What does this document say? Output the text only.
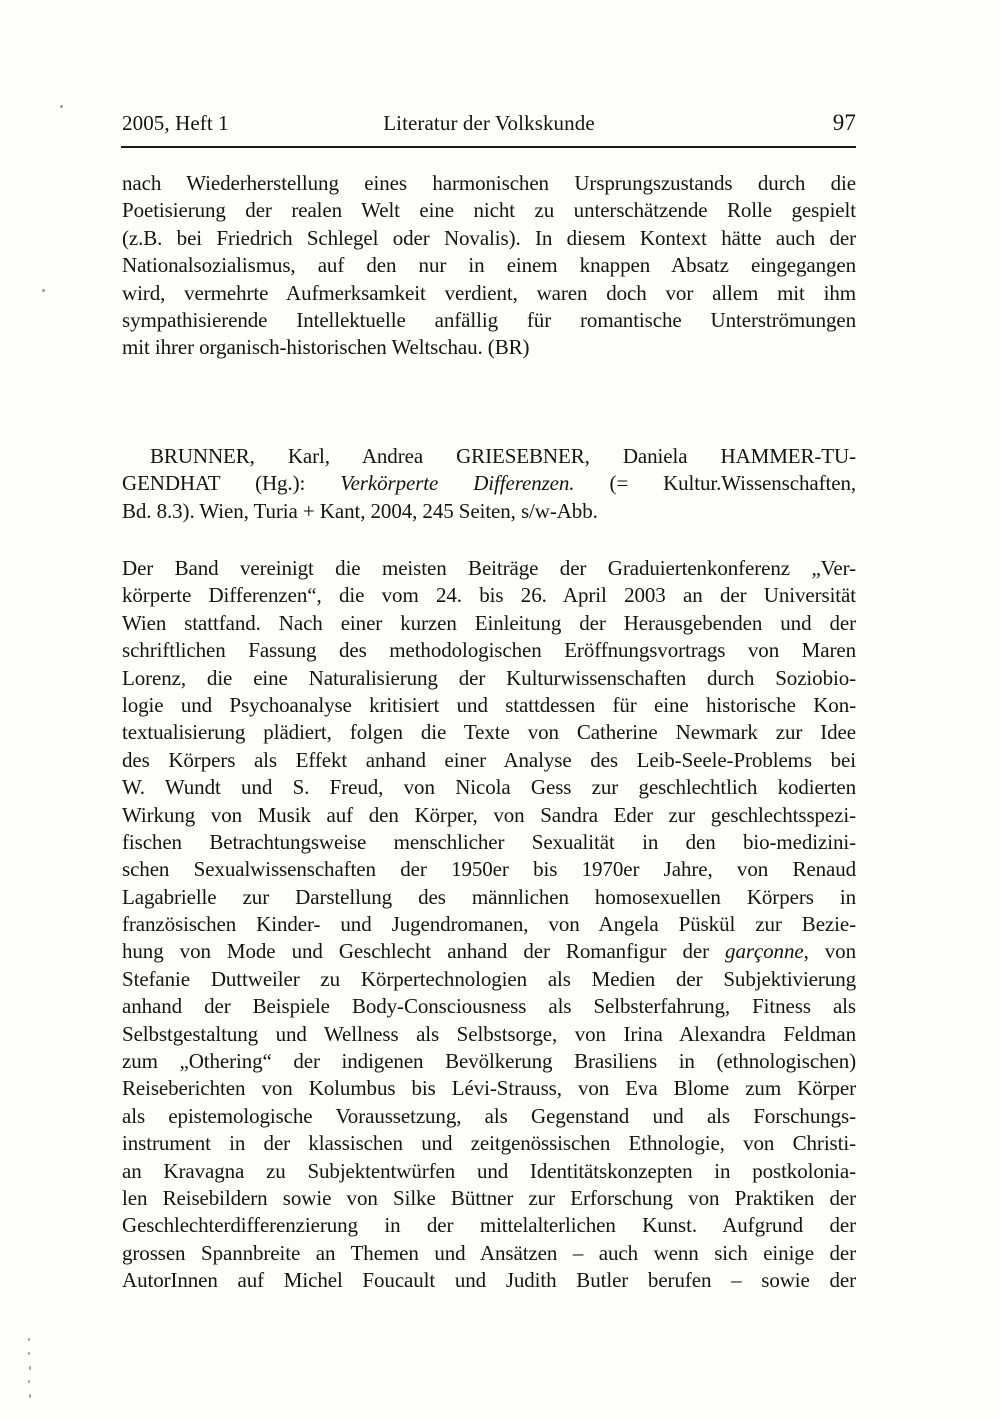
2005, Heft 1	Literatur der Volkskunde	97
nach Wiederherstellung eines harmonischen Ursprungszustands durch die
Poetisierung der realen Welt eine nicht zu unterschätzende Rolle gespielt
(z.B. bei Friedrich Schlegel oder Novalis). In diesem Kontext hätte auch der
Nationalsozialismus, auf den nur in einem knappen Absatz eingegangen
wird, vermehrte Aufmerksamkeit verdient, waren doch vor allem mit ihm
sympathisierende Intellektuelle anfällig für romantische Unterströmungen
mit ihrer organisch-historischen Weltschau. (BR)
BRUNNER, Karl, Andrea GRIESEBNER, Daniela HAMMER-TU-
GENDHAT (Hg.): Verkörperte Differenzen. (= Kultur.Wissenschaften,
Bd. 8.3). Wien, Turia + Kant, 2004, 245 Seiten, s/w-Abb.
Der Band vereinigt die meisten Beiträge der Graduiertenkonferenz „Ver-
körperte Differenzen“, die vom 24. bis 26. April 2003 an der Universität
Wien stattfand. Nach einer kurzen Einleitung der Herausgebenden und der
schriftlichen Fassung des methodologischen Eröffnungsvortrags von Maren
Lorenz, die eine Naturalisierung der Kulturwissenschaften durch Soziobio-
logie und Psychoanalyse kritisiert und stattdessen für eine historische Kon-
textualisierung plädiert, folgen die Texte von Catherine Newmark zur Idee
des Körpers als Effekt anhand einer Analyse des Leib-Seele-Problems bei
W. Wundt und S. Freud, von Nicola Gess zur geschlechtlich kodierten
Wirkung von Musik auf den Körper, von Sandra Eder zur geschlechtsspezi-
fischen Betrachtungsweise menschlicher Sexualität in den bio-medizini-
schen Sexualwissenschaften der 1950er bis 1970er Jahre, von Renaud
Lagabrielle zur Darstellung des männlichen homosexuellen Körpers in
französischen Kinder- und Jugendromanen, von Angela Püskül zur Bezie-
hung von Mode und Geschlecht anhand der Romanfigur der garçonne, von
Stefanie Duttweiler zu Körpertechnologien als Medien der Subjektivierung
anhand der Beispiele Body-Consciousness als Selbsterfahrung, Fitness als
Selbstgestaltung und Wellness als Selbstsorge, von Irina Alexandra Feldman
zum „Othering“ der indigenen Bevölkerung Brasiliens in (ethnologischen)
Reiseberichten von Kolumbus bis Lévi-Strauss, von Eva Blome zum Körper
als epistemologische Voraussetzung, als Gegenstand und als Forschungs-
instrument in der klassischen und zeitgenössischen Ethnologie, von Christi-
an Kravagna zu Subjektentwürfen und Identitätskonzepten in postkolonia-
len Reisebildern sowie von Silke Büttner zur Erforschung von Praktiken der
Geschlechterdifferenzierung in der mittelalterlichen Kunst. Aufgrund der
grossen Spannbreite an Themen und Ansätzen – auch wenn sich einige der
AutorInnen auf Michel Foucault und Judith Butler berufen – sowie der
